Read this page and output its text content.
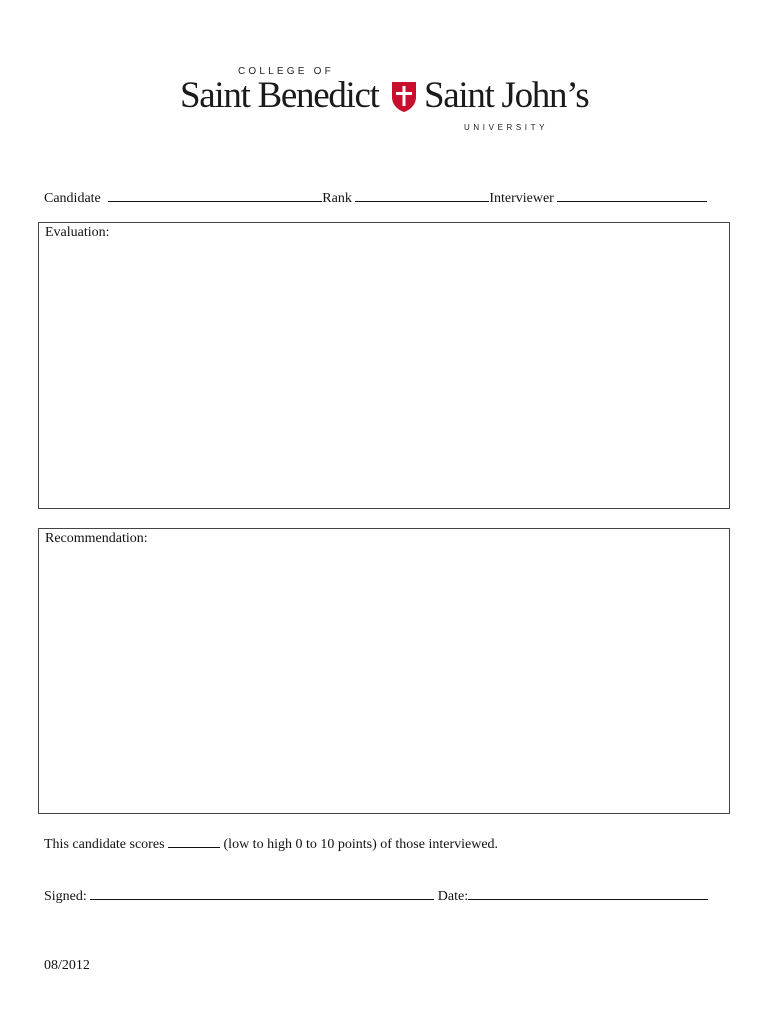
COLLEGE OF
Saint Benedict Saint John’s
UNIVERSITY
Candidate	Rank	Interviewer
Evaluation:
Recommendation:
This candidate scores	(low to high 0 to 10 points) of those interviewed.
Signed:	Date:
08/2012
